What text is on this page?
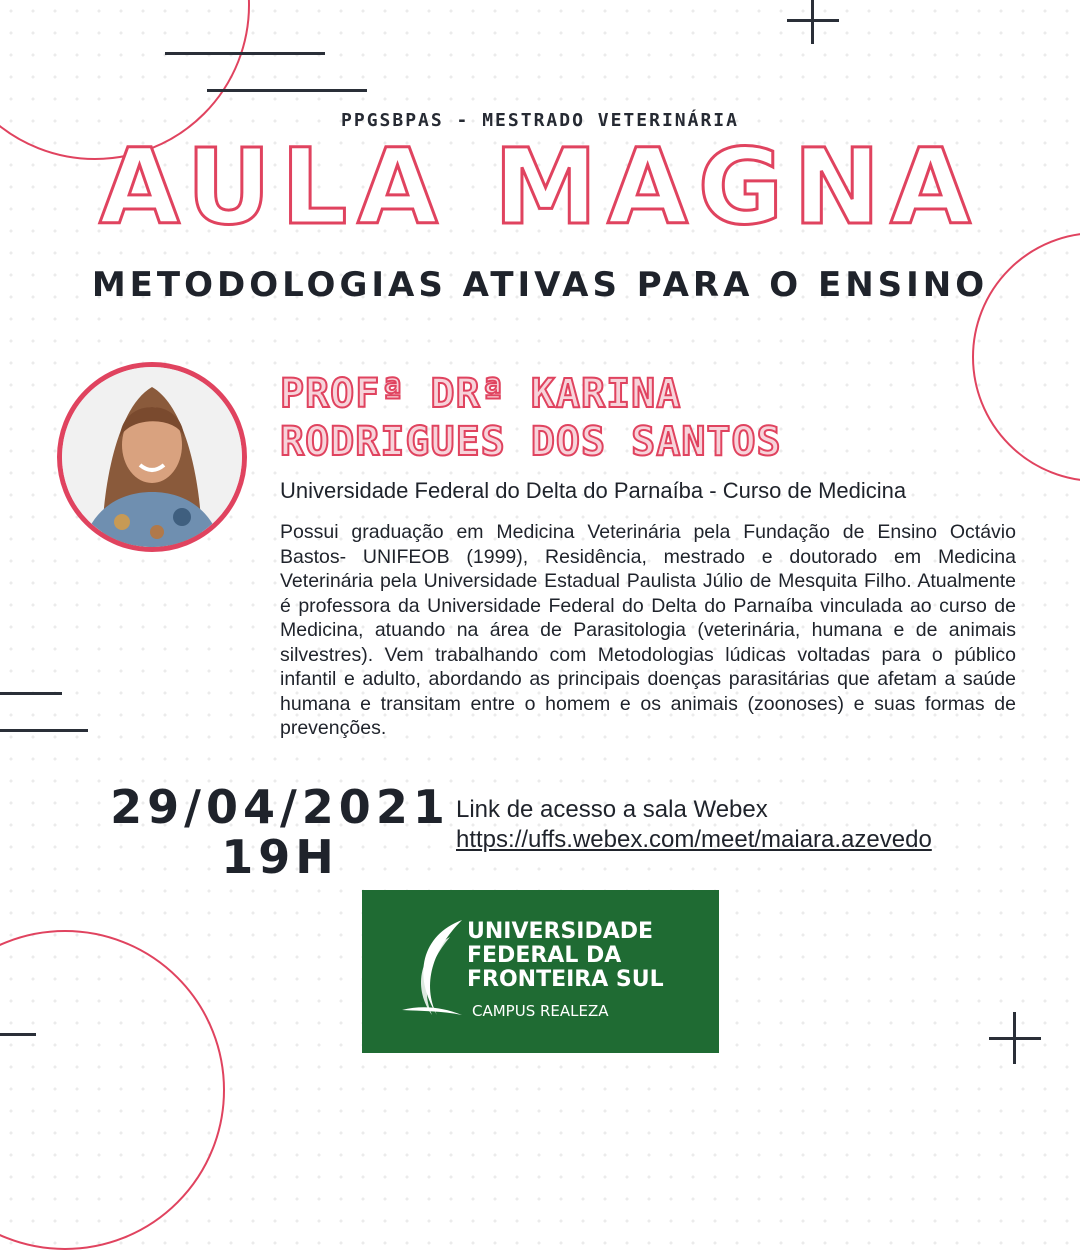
PPGSBPAS - MESTRADO VETERINÁRIA
AULA MAGNA
METODOLOGIAS ATIVAS PARA O ENSINO
PROFª DRª KARINA
RODRIGUES DOS SANTOS
Universidade Federal do Delta do Parnaíba - Curso de Medicina
Possui graduação em Medicina Veterinária pela Fundação de Ensino Octávio Bastos- UNIFEOB (1999), Residência, mestrado e doutorado em Medicina Veterinária pela Universidade Estadual Paulista Júlio de Mesquita Filho. Atualmente é professora da Universidade Federal do Delta do Parnaíba vinculada ao curso de Medicina, atuando na área de Parasitologia (veterinária, humana e de animais silvestres). Vem trabalhando com Metodologias lúdicas voltadas para o público infantil e adulto, abordando as principais doenças parasitárias que afetam a saúde humana e transitam entre o homem e os animais (zoonoses) e suas formas de prevenções.
29/04/2021
19H
Link de acesso a sala Webex
https://uffs.webex.com/meet/maiara.azevedo
UNIVERSIDADE
FEDERAL DA
FRONTEIRA SUL
CAMPUS REALEZA
